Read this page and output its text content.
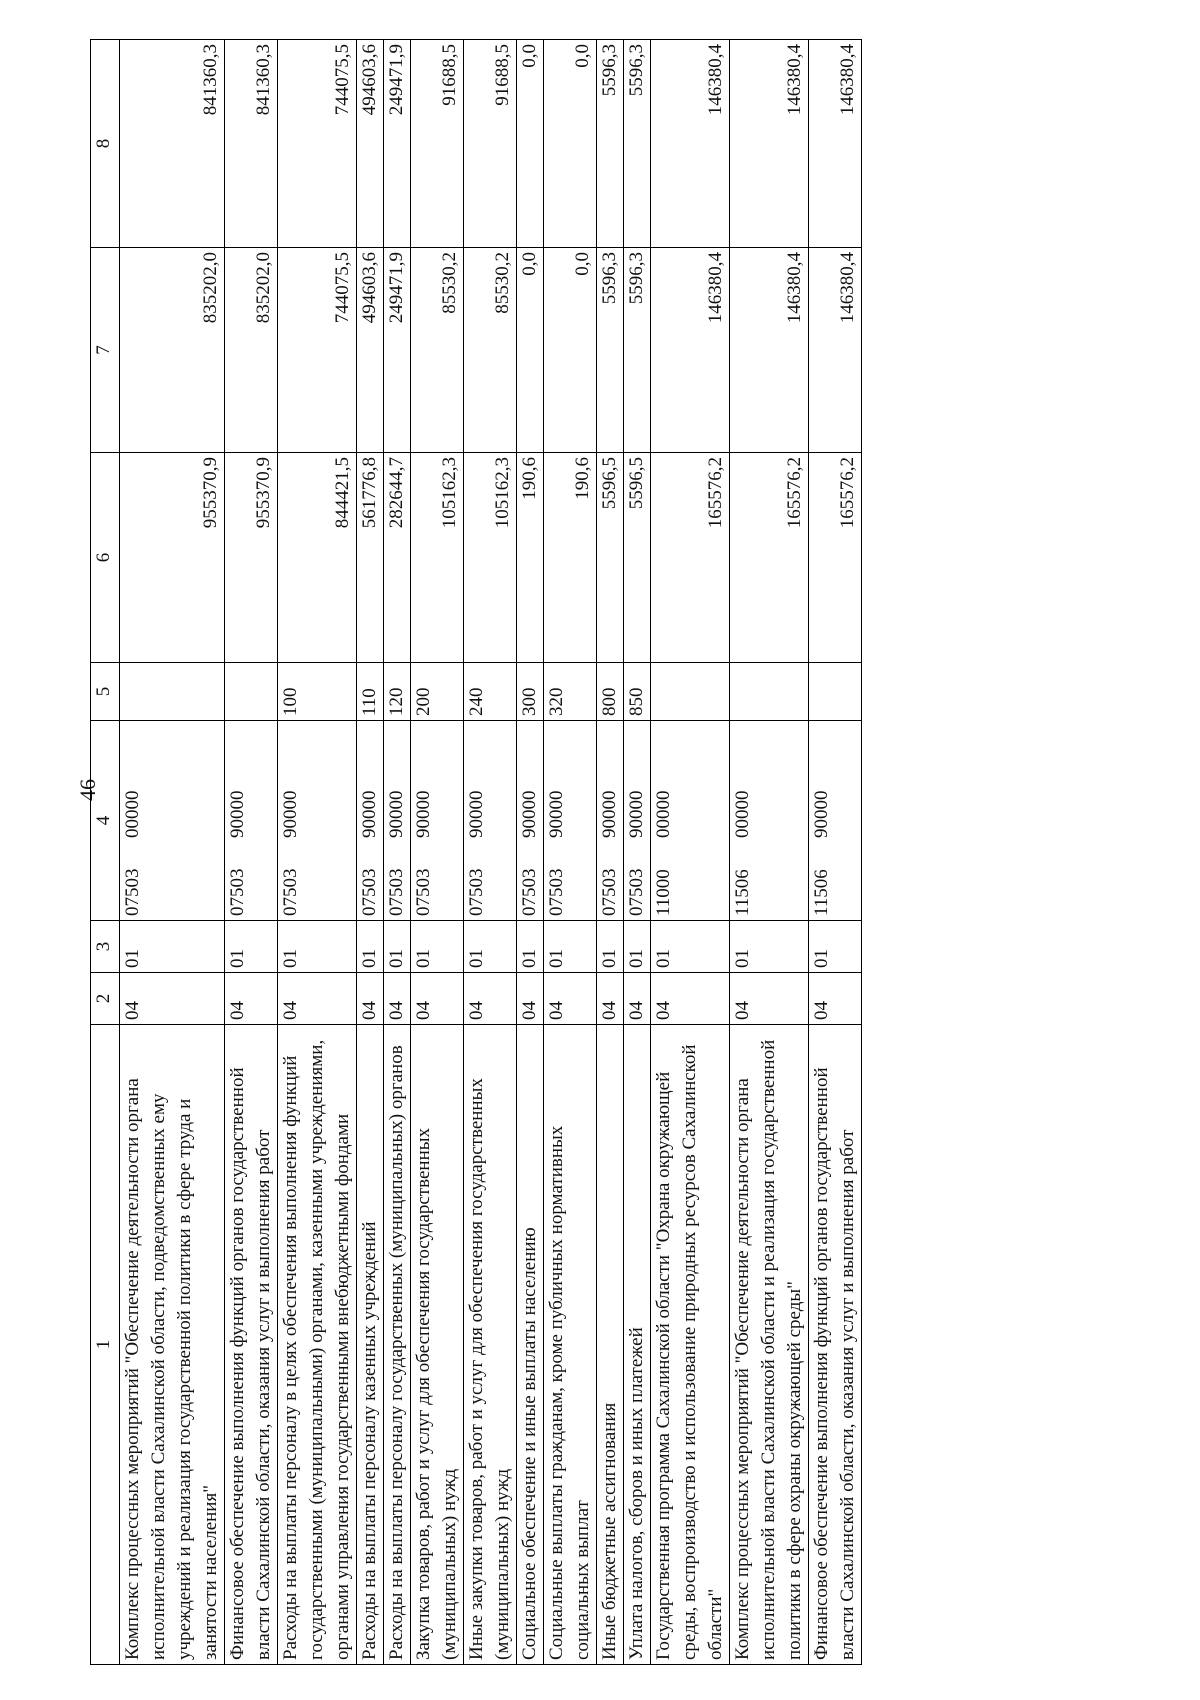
46
1	2	3	4	5	6	7	8
Комплекс процессных мероприятий "Обеспечение деятельности органа исполнительной власти Сахалинской области, подведомственных ему учреждений и реализация государственной политики в сфере труда и занятости населения"	04	01	0750300000		955370,9	835202,0	841360,3
Финансовое обеспечение выполнения функций органов государственной власти Сахалинской области, оказания услуг и выполнения работ	04	01	0750390000		955370,9	835202,0	841360,3
Расходы на выплаты персоналу в целях обеспечения выполнения функций государственными (муниципальными) органами, казенными учреждениями, органами управления государственными внебюджетными фондами	04	01	0750390000	100	844421,5	744075,5	744075,5
Расходы на выплаты персоналу казенных учреждений	04	01	0750390000	110	561776,8	494603,6	494603,6
Расходы на выплаты персоналу государственных (муниципальных) органов	04	01	0750390000	120	282644,7	249471,9	249471,9
Закупка товаров, работ и услуг для обеспечения государственных (муниципальных) нужд	04	01	0750390000	200	105162,3	85530,2	91688,5
Иные закупки товаров, работ и услуг для обеспечения государственных (муниципальных) нужд	04	01	0750390000	240	105162,3	85530,2	91688,5
Социальное обеспечение и иные выплаты населению	04	01	0750390000	300	190,6	0,0	0,0
Социальные выплаты гражданам, кроме публичных нормативных социальных выплат	04	01	0750390000	320	190,6	0,0	0,0
Иные бюджетные ассигнования	04	01	0750390000	800	5596,5	5596,3	5596,3
Уплата налогов, сборов и иных платежей	04	01	0750390000	850	5596,5	5596,3	5596,3
Государственная программа Сахалинской области "Охрана окружающей среды, воспроизводство и использование природных ресурсов Сахалинской области"	04	01	1100000000		165576,2	146380,4	146380,4
Комплекс процессных мероприятий "Обеспечение деятельности органа исполнительной власти Сахалинской области и реализация государственной политики в сфере охраны окружающей среды"	04	01	1150600000		165576,2	146380,4	146380,4
Финансовое обеспечение выполнения функций органов государственной власти Сахалинской области, оказания услуг и выполнения работ	04	01	1150690000		165576,2	146380,4	146380,4
